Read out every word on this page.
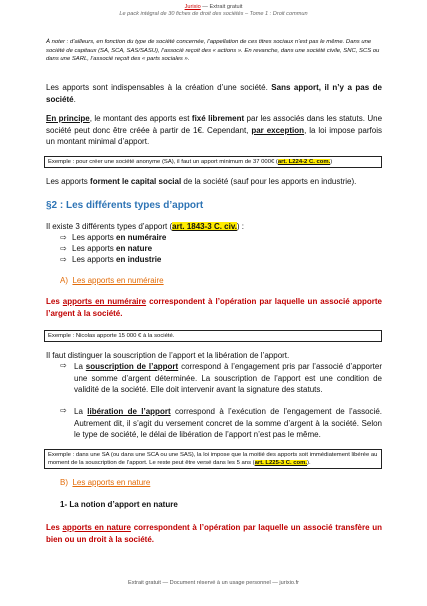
Jurixio — Extrait gratuit
Le pack intégral de 30 fiches de droit des sociétés – Tome 1 : Droit commun
À noter : d’ailleurs, en fonction du type de société concernée, l’appellation de ces titres sociaux n’est pas le même. Dans une société de capitaux (SA, SCA, SAS/SASU), l’associé reçoit des « actions ». En revanche, dans une société civile, SNC, SCS ou dans une SARL, l’associé reçoit des « parts sociales ».
Les apports sont indispensables à la création d’une société. Sans apport, il n’y a pas de société.
En principe, le montant des apports est fixé librement par les associés dans les statuts. Une société peut donc être créée à partir de 1€. Cependant, par exception, la loi impose parfois un montant minimal d’apport.
Exemple : pour créer une société anonyme (SA), il faut un apport minimum de 37 000€ (art. L224-2 C. com.)
Les apports forment le capital social de la société (sauf pour les apports en industrie).
§2 : Les différents types d’apport
Il existe 3 différents types d’apport (art. 1843-3 C. civ.) :
⇨ Les apports en numéraire
⇨ Les apports en nature
⇨ Les apports en industrie
A) Les apports en numéraire
Les apports en numéraire correspondent à l’opération par laquelle un associé apporte l’argent à la société.
Exemple : Nicolas apporte 15 000 € à la société.
Il faut distinguer la souscription de l’apport et la libération de l’apport.
⇨ La souscription de l’apport correspond à l’engagement pris par l’associé d’apporter une somme d’argent déterminée. La souscription de l’apport est une condition de validité de la société. Elle doit intervenir avant la signature des statuts.
⇨ La libération de l’apport correspond à l’exécution de l’engagement de l’associé. Autrement dit, il s’agit du versement concret de la somme d’argent à la société. Selon le type de société, le délai de libération de l’apport n’est pas le même.
Exemple : dans une SA (ou dans une SCA ou une SAS), la loi impose que la moitié des apports soit immédiatement libérée au moment de la souscription de l’apport. Le reste peut être versé dans les 5 ans (art. L225-3 C. com.).
B) Les apports en nature
1- La notion d’apport en nature
Les apports en nature correspondent à l’opération par laquelle un associé transfère un bien ou un droit à la société.
Extrait gratuit — Document réservé à un usage personnel — jurixio.fr
